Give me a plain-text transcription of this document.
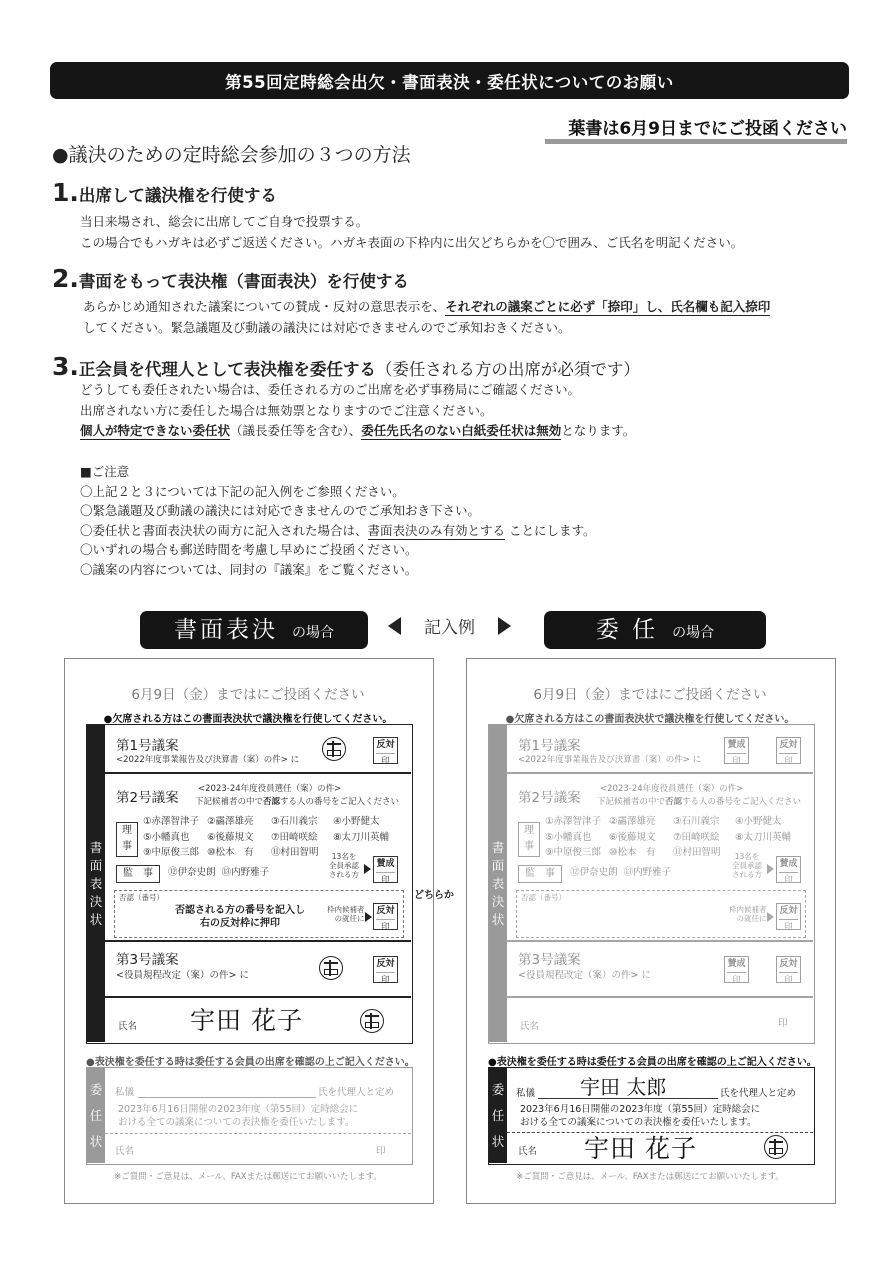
第55回定時総会出欠・書面表決・委任状についてのお願い
葉書は6月9日までにご投函ください
●議決のための定時総会参加の３つの方法
1.出席して議決権を行使する
当日来場され、総会に出席してご自身で投票する。
この場合でもハガキは必ずご返送ください。ハガキ表面の下枠内に出欠どちらかを〇で囲み、ご氏名を明記ください。
2.書面をもって表決権（書面表決）を行使する
あらかじめ通知された議案についての賛成・反対の意思表示を、それぞれの議案ごとに必ず「捺印」し、氏名欄も記入捺印
してください。緊急議題及び動議の議決には対応できませんのでご承知おきください。
3.正会員を代理人として表決権を委任する（委任される方の出席が必須です）
どうしても委任されたい場合は、委任される方のご出席を必ず事務局にご確認ください。
出席されない方に委任した場合は無効票となりますのでご注意ください。
個人が特定できない委任状（議長委任等を含む）、委任先氏名のない白紙委任状は無効となります。
■ご注意
〇上記２と３については下記の記入例をご参照ください。
〇緊急議題及び動議の議決には対応できませんのでご承知おき下さい。
〇委任状と書面表決状の両方に記入された場合は、書面表決のみ有効とする ことにします。
〇いずれの場合も郵送時間を考慮し早めにご投函ください。
〇議案の内容については、同封の『議案』をご覧ください。
書面表決 の場合	記入例	委 任 の場合
6月9日（金）まではにご投函ください
●欠席される方はこの書面表決状で議決権を行使してください。
書
面
表
決
状
第1号議案
<2022年度事業報告及び決算書（案）の件> に
反対
印
第2号議案
<2023-24年度役員選任（案）の件>
下記候補者の中で否認する人の番号をご記入ください
理
事
①赤澤智津子 ②靏澤雄亮	③石川義宗	④小野健太
⑤小幡真也	⑥後藤規文	⑦田崎咲絵	⑧太刀川英輔
⑨中原俊三郎 ⑩松本　有	⑪村田智明
監　事	⑫伊奈史朗 ⑬内野雅子
13名を
全員承認
される方
賛成
印
否認（番号）
否認される方の番号を記入し
右の反対枠に押印
枠内候補者
の就任に
反対
印
どちらか
第3号議案
<役員規程改定（案）の件> に
反対
印
氏名 宇田 花子
●表決権を委任する時は委任する会員の出席を確認の上ご記入ください。
委
任
状
私儀	氏を代理人と定め
2023年6月16日開催の2023年度（第55回）定時総会に
おける全ての議案についての表決権を委任いたします。
氏名	印
※ご質問・ご意見は、メール、FAXまたは郵送にてお願いいたします。
6月9日（金）まではにご投函ください
●欠席される方はこの書面表決状で議決権を行使してください。
書
面
表
決
状
第1号議案
<2022年度事業報告及び決算書（案）の件> に
賛成
印
反対
印
第2号議案
<2023-24年度役員選任（案）の件>
下記候補者の中で否認する人の番号をご記入ください
理
事
①赤澤智津子 ②靏澤雄亮	③石川義宗	④小野健太
⑤小幡真也	⑥後藤規文	⑦田崎咲絵	⑧太刀川英輔
⑨中原俊三郎 ⑩松本　有	⑪村田智明
監　事	⑫伊奈史朗 ⑬内野雅子
13名を
全員承認
される方
賛成
印
否認（番号）
枠内候補者
の就任に
反対
印
第3号議案
<役員規程改定（案）の件> に
賛成
印
反対
印
氏名	印
●表決権を委任する時は委任する会員の出席を確認の上ご記入ください。
委
任
状
私儀 宇田 太郎	氏を代理人と定め
2023年6月16日開催の2023年度（第55回）定時総会に
おける全ての議案についての表決権を委任いたします。
氏名 宇田 花子
※ご質問・ご意見は、メール、FAXまたは郵送にてお願いいたします。
